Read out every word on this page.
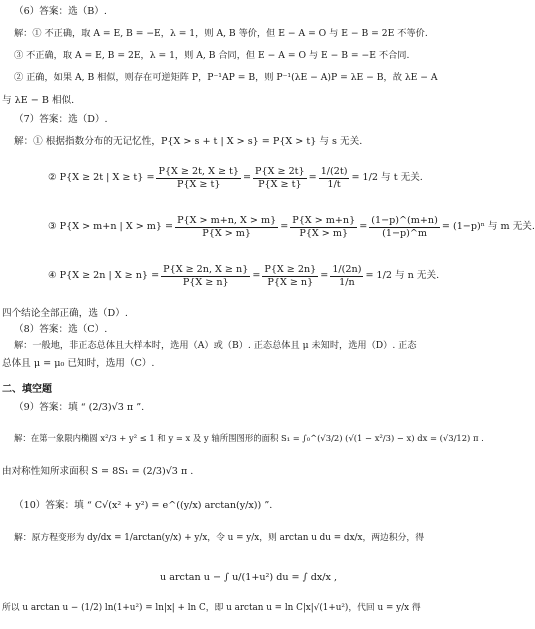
（6）答案：选（B）.
解：① 不正确，取 A = E, B = −E，λ = 1，则 A, B 等价，但 E − A = O 与 E − B = 2E 不等价.
③ 不正确，取 A = E, B = 2E，λ = 1，则 A, B 合同，但 E − A = O 与 E − B = −E 不合同.
② 正确，如果 A, B 相似，则存在可逆矩阵 P，P⁻¹AP = B，则 P⁻¹(λE − A)P = λE − B，故 λE − A
与 λE − B 相似.
（7）答案：选（D）.
解：① 根据指数分布的无记忆性，P{X > s + t | X > s} = P{X > t} 与 s 无关.
② P{X ≥ 2t | $X \ge t\} = \frac{P\{X \ge 2t, X \ge t\}}{P\{X \ge t\}} = \frac{P\{X \ge 2t\}}{P\{X \ge t\}} = \frac{1/(2t)}{1/t} = 1/2$ 与 t 无关.
③ P{X > m+n | $X > m\} = \frac{P\{X > m+n, X > m\}}{P\{X > m\}} = \frac{P\{X > m+n\}}{P\{X > m\}} = \frac{(1-p)\^{}(m+n)}{(1-p)\^{}m} = (1-p)^n$ 与 m 无关.
④ P{X ≥ 2n | $X \ge n\} = \frac{P\{X \ge 2n, X \ge n\}}{P\{X \ge n\}} = \frac{P\{X \ge 2n\}}{P\{X \ge n\}} = \frac{1/(2n)}{1/n} = 1/2$ 与 n 无关.
四个结论全部正确，选（D）.
（8）答案：选（C）.
解：一般地，非正态总体且大样本时，选用（A）或（B）. 正态总体且 μ 未知时，选用（D）. 正态
总体且 μ = μ₀ 已知时，选用（C）.
二、填空题
（9）答案：填 “ (2/3)√3 π ”.
解：在第一象限内椭圆 x²/3 + y² ≤ 1 和 y = x 及 y 轴所围图形的面积 S₁ = ∫₀^(√3/2) (√(1 − x²/3) − x) dx = (√3/12) π .
由对称性知所求面积 S = 8S₁ = (2/3)√3 π .
（10）答案：填 “ C√(x² + y²) = e^((y/x) arctan(y/x)) ”.
解：原方程变形为 dy/dx = 1/arctan(y/x) + y/x，令 u = y/x，则 arctan u du = dx/x，两边积分，得
u arctan u − ∫ u/(1+u²) du = ∫ dx/x ,
所以 u arctan u − (1/2) ln(1+u²) = ln|x| + ln C，即 u arctan u = ln C|x|√(1+u²)，代回 u = y/x 得
